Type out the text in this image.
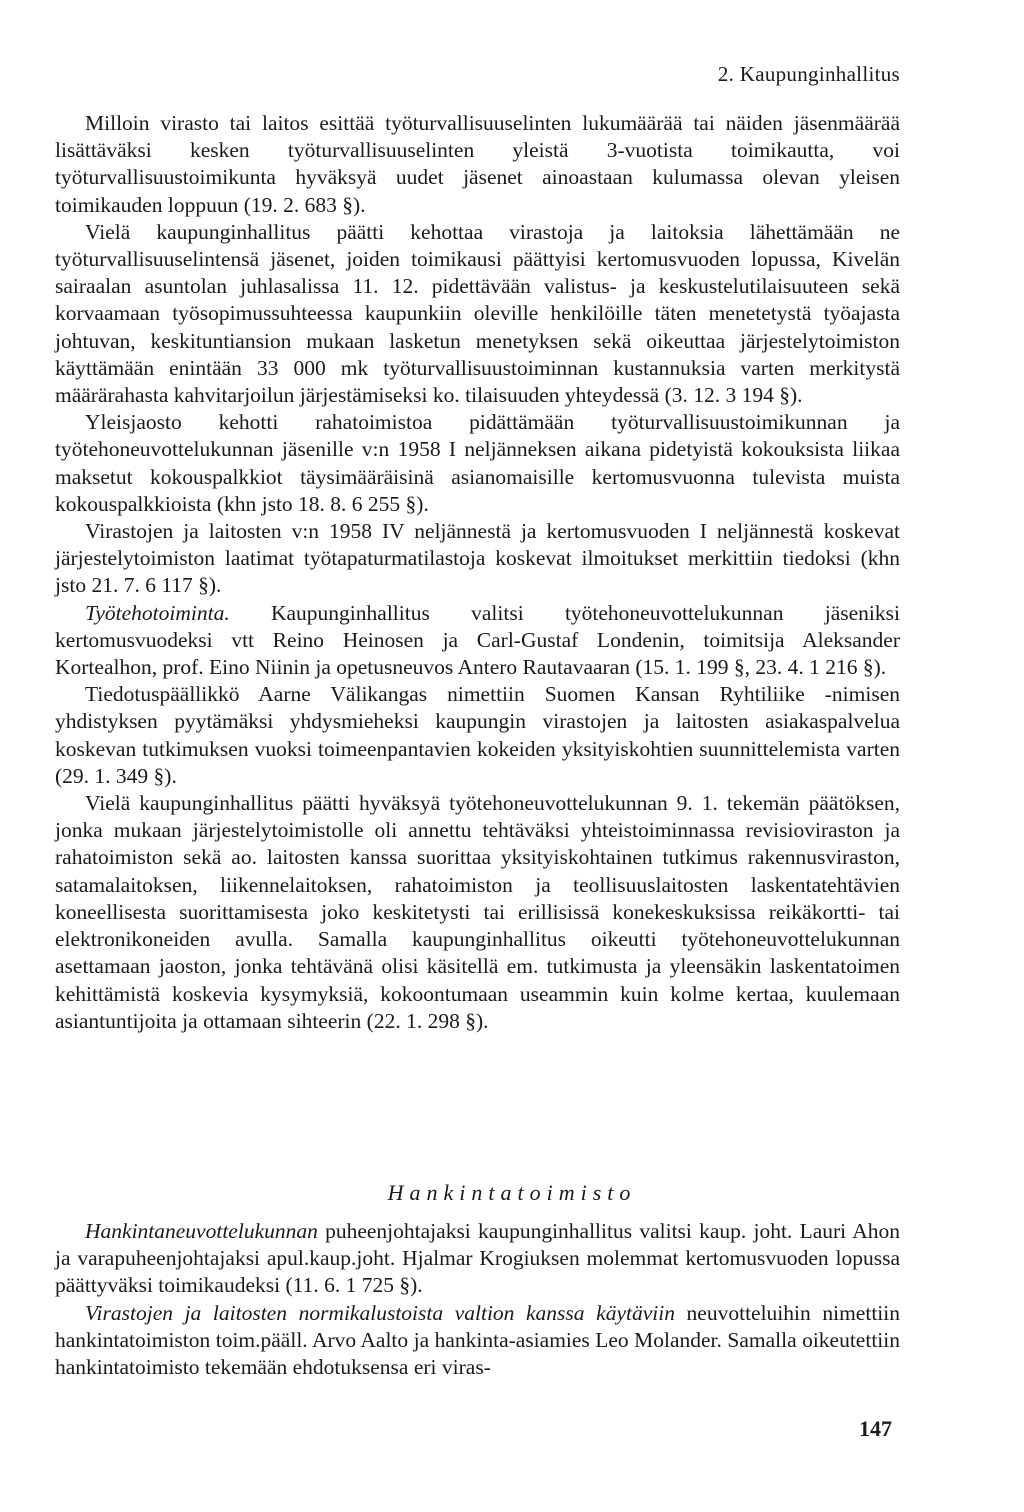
2. Kaupunginhallitus

Milloin virasto tai laitos esittää työturvallisuuselinten lukumäärää tai näiden jäsenmäärää lisättäväksi kesken työturvallisuuselinten yleistä 3-vuotista toimikautta, voi työturvallisuustoimikunta hyväksyä uudet jäsenet ainoastaan kulumassa olevan yleisen toimikauden loppuun (19. 2. 683 §).

Vielä kaupunginhallitus päätti kehottaa virastoja ja laitoksia lähettämään ne työturvallisuuselintensä jäsenet, joiden toimikausi päättyisi kertomusvuoden lopussa, Kivelän sairaalan asuntolan juhlasalissa 11. 12. pidettävään valistus- ja keskustelutilaisuuteen sekä korvaamaan työsopimussuhteessa kaupunkiin oleville henkilöille täten menetetystä työajasta johtuvan, keskituntiansion mukaan lasketun menetyksen sekä oikeuttaa järjestelytoimiston käyttämään enintään 33 000 mk työturvallisuustoiminnan kustannuksia varten merkitystä määrärahasta kahvitarjoilun järjestämiseksi ko. tilaisuuden yhteydessä (3. 12. 3 194 §).

Yleisjaosto kehotti rahatoimistoa pidättämään työturvallisuustoimikunnan ja työtehoneuvottelukunnan jäsenille v:n 1958 I neljänneksen aikana pidetyistä kokouksista liikaa maksetut kokouspalkkiot täysimääräisinä asianomaisille kertomusvuonna tulevista muista kokouspalkkioista (khn jsto 18. 8. 6 255 §).

Virastojen ja laitosten v:n 1958 IV neljännestä ja kertomusvuoden I neljännestä koskevat järjestelytoimiston laatimat työtapaturmatilastoja koskevat ilmoitukset merkittiin tiedoksi (khn jsto 21. 7. 6 117 §).

Työtehotoiminta. Kaupunginhallitus valitsi työtehoneuvottelukunnan jäseniksi kertomusvuodeksi vtt Reino Heinosen ja Carl-Gustaf Londenin, toimitsija Aleksander Kortealhon, prof. Eino Niinin ja opetusneuvos Antero Rautavaaran (15. 1. 199 §, 23. 4. 1 216 §).

Tiedotuspäällikkö Aarne Välikangas nimettiin Suomen Kansan Ryhtiliike -nimisen yhdistyksen pyytämäksi yhdysmieheksi kaupungin virastojen ja laitosten asiakaspalvelua koskevan tutkimuksen vuoksi toimeenpantavien kokeiden yksityiskohtien suunnittelemista varten (29. 1. 349 §).

Vielä kaupunginhallitus päätti hyväksyä työtehoneuvottelukunnan 9. 1. tekemän päätöksen, jonka mukaan järjestelytoimistolle oli annettu tehtäväksi yhteistoiminnassa revisioviraston ja rahatoimiston sekä ao. laitosten kanssa suorittaa yksityiskohtainen tutkimus rakennusviraston, satamalaitoksen, liikennelaitoksen, rahatoimiston ja teollisuuslaitosten laskentatehtävien koneellisesta suorittamisesta joko keskitetysti tai erillisissä konekeskuksissa reikäkortti- tai elektronikoneiden avulla. Samalla kaupunginhallitus oikeutti työtehoneuvottelukunnan asettamaan jaoston, jonka tehtävänä olisi käsitellä em. tutkimusta ja yleensäkin laskentatoimen kehittämistä koskevia kysymyksiä, kokoontumaan useammin kuin kolme kertaa, kuulemaan asiantuntijoita ja ottamaan sihteerin (22. 1. 298 §).

Hankintatoimisto

Hankintaneuvottelukunnan puheenjohtajaksi kaupunginhallitus valitsi kaup. joht. Lauri Ahon ja varapuheenjohtajaksi apul.kaup.joht. Hjalmar Krogiuksen molemmat kertomusvuoden lopussa päättyväksi toimikaudeksi (11. 6. 1 725 §).

Virastojen ja laitosten normikalustoista valtion kanssa käytäviin neuvotteluihin nimettiin hankintatoimiston toim.pääll. Arvo Aalto ja hankinta-asiamies Leo Molander. Samalla oikeutettiin hankintatoimisto tekemään ehdotuksensa eri viras-

147
